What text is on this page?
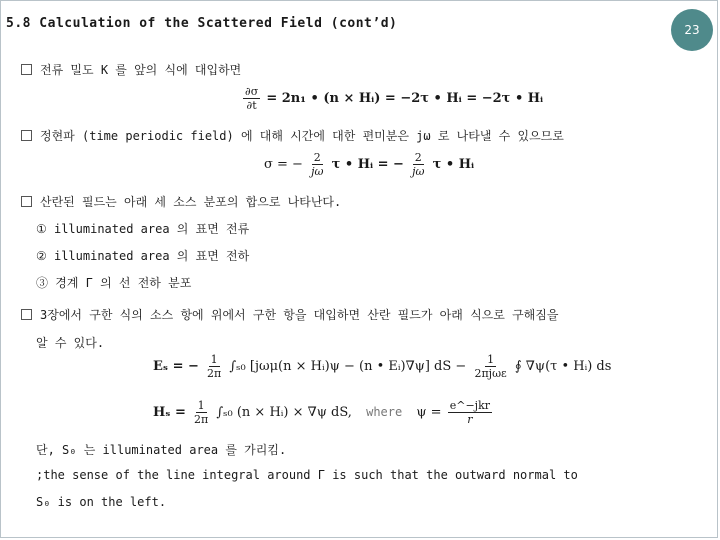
5.8 Calculation of the Scattered Field (cont’d)	23
전류 밀도 K 를 앞의 식에 대입하면
$\frac{\partial\sigma}{\partial t} = 2n_1$ • (n × Hᵢ) = −2τ • Hᵢ = −2τ • Hᵢ
정현파 (time periodic field) 에 대해 시간에 대한 편미분은 jω 로 나타낼 수 있으므로
σ = − $\frac{2}{j\omega}$ τ • Hᵢ = − $\frac{2}{j\omega}$ τ • Hᵢ
산란된 필드는 아래 세 소스 분포의 합으로 나타난다.
① illuminated area 의 표면 전류
② illuminated area 의 표면 전하
③ 경계 Γ 의 선 전하 분포
3장에서 구한 식의 소스 항에 위에서 구한 항을 대입하면 산란 필드가 아래 식으로 구해짐을
알 수 있다.
Eₛ = − $\frac{1}{2\pi} \int_{s0}$ [jωμ(n × Hᵢ)ψ − (n • Eᵢ)∇ψ] dS − $\frac{1}{\text{2πjωε}}$ ∮ ∇ψ(τ • Hᵢ) ds
$H_s = \frac{1}{2\pi} \int_{s0}$ (n × Hᵢ) × ∇ψ dS, where $\psi = \frac{\text{e\textasciicircum{}−jkr}}{r}$
단, S₀ 는 illuminated area 를 가리킴.
;the sense of the line integral around Γ is such that the outward normal to
S₀ is on the left.
